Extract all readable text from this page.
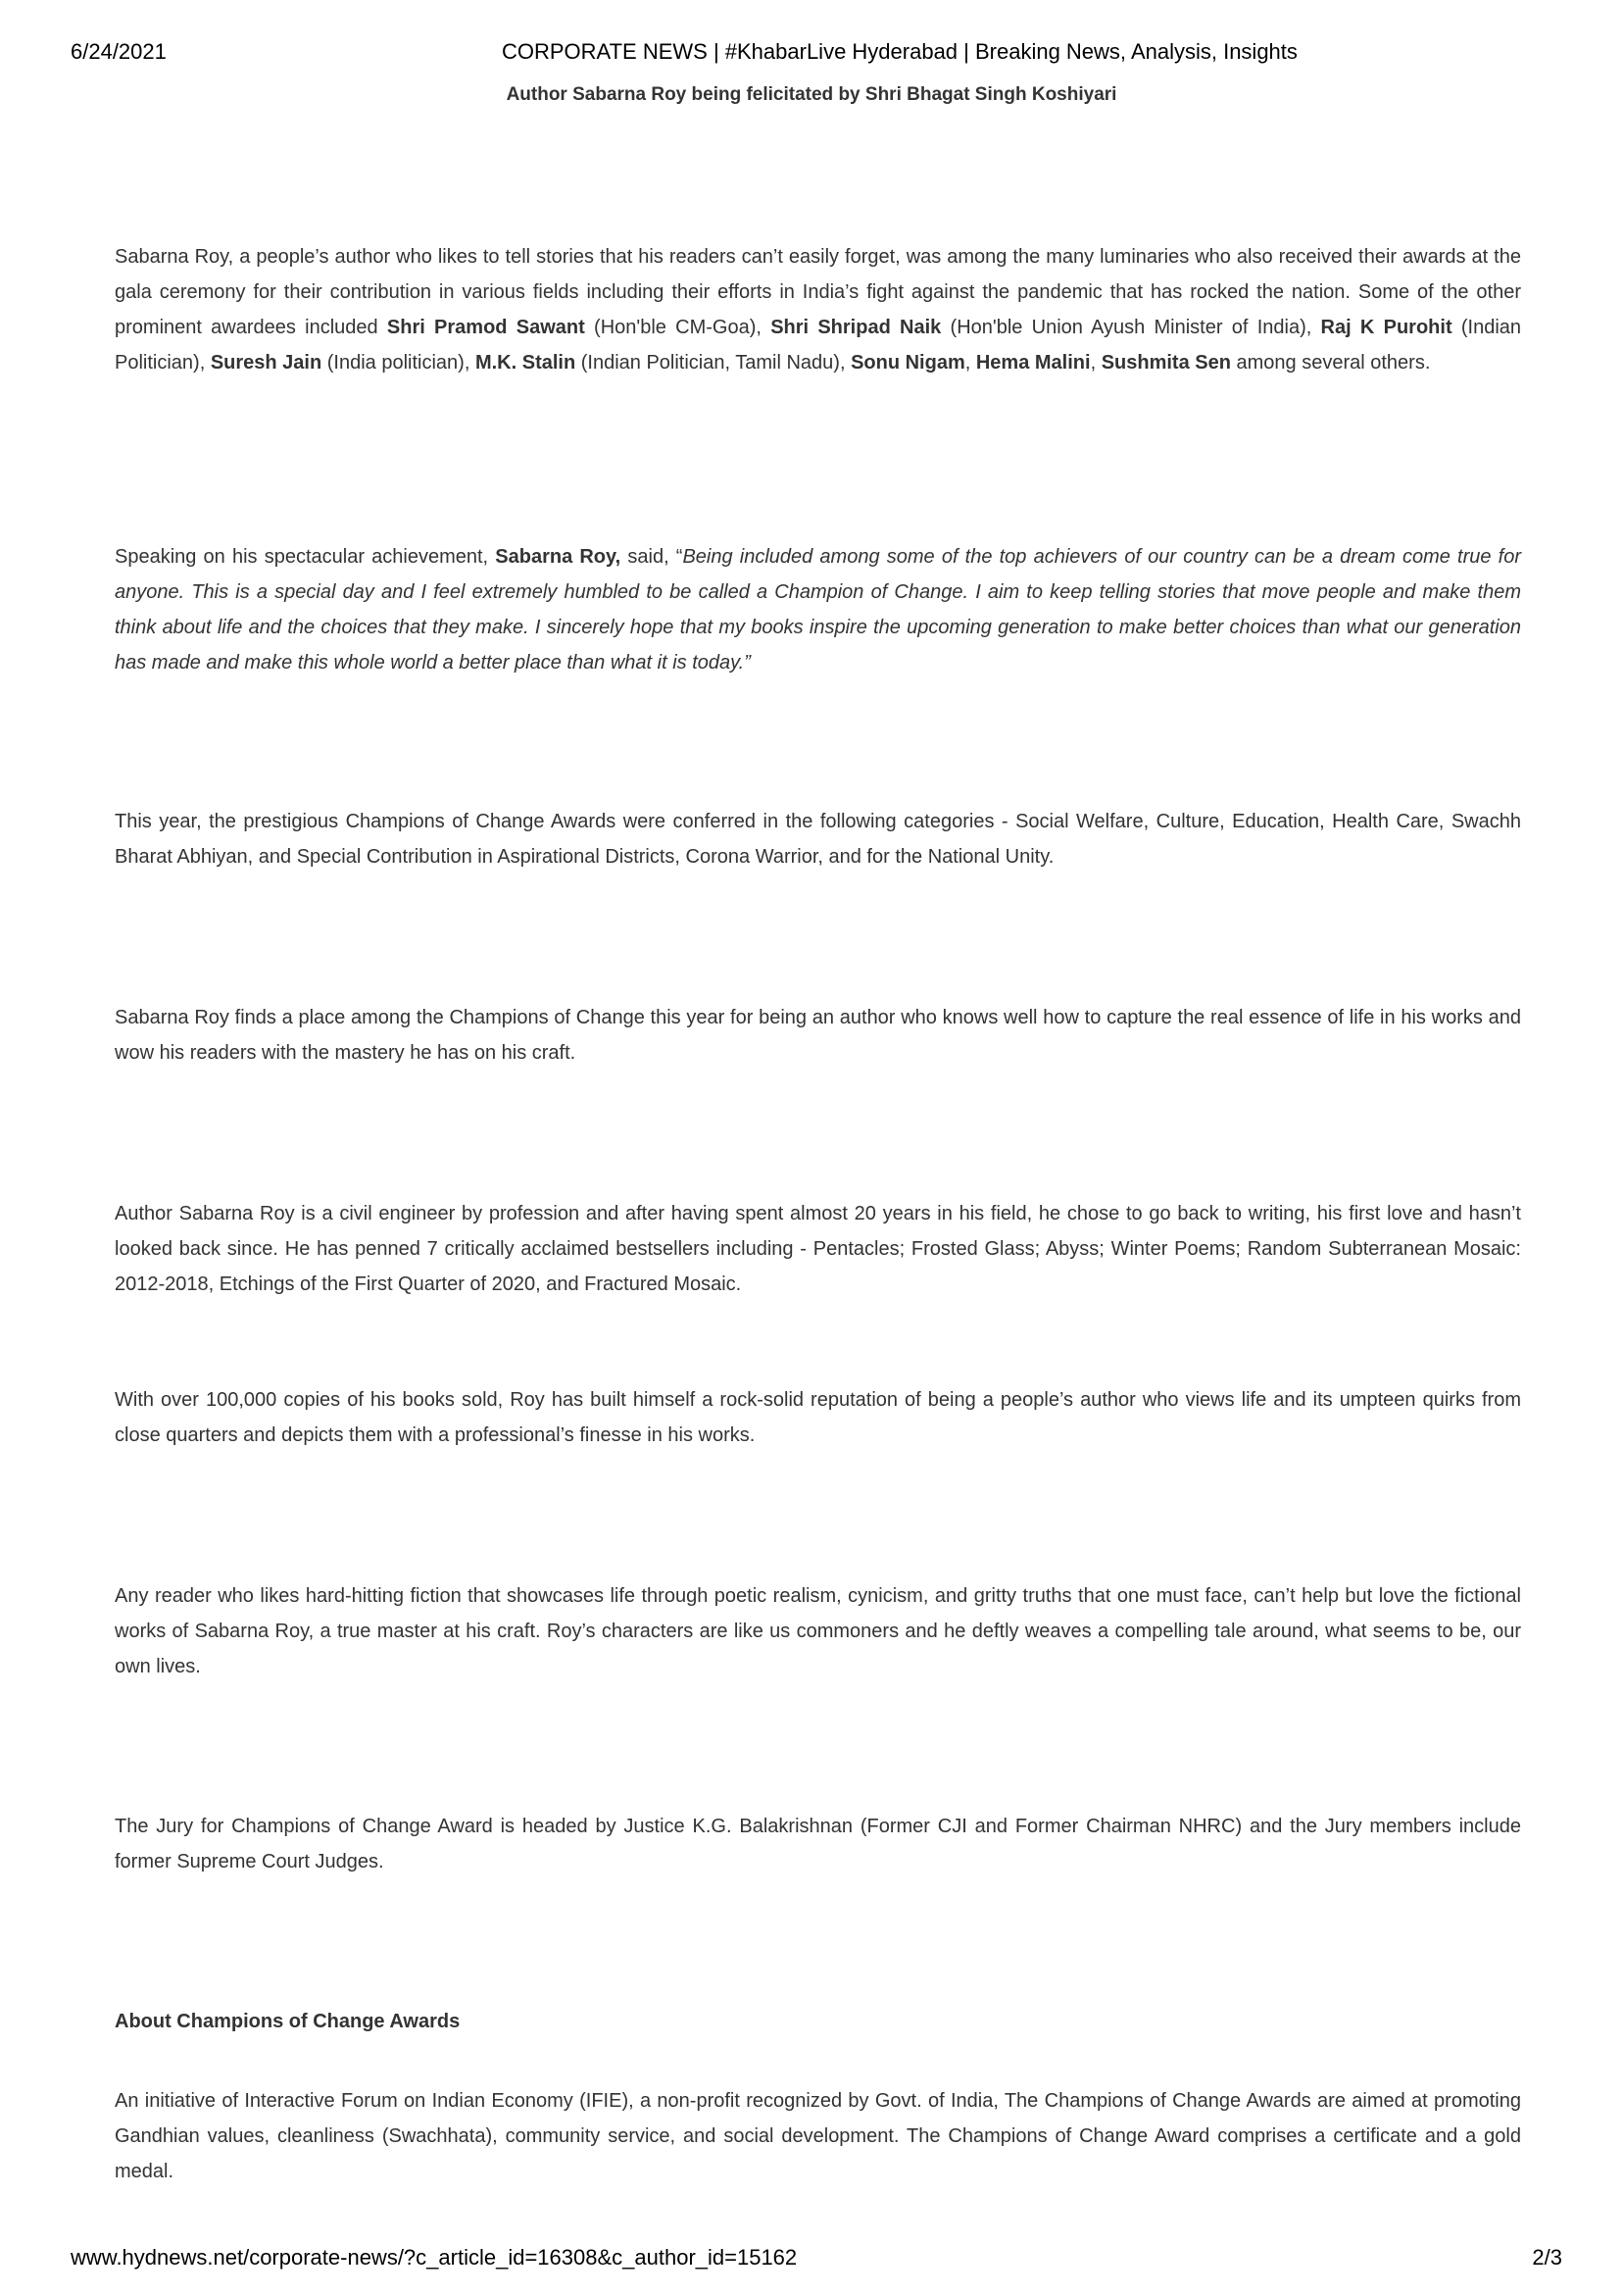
6/24/2021	CORPORATE NEWS | #KhabarLive Hyderabad | Breaking News, Analysis, Insights
Author Sabarna Roy being felicitated by Shri Bhagat Singh Koshiyari

Sabarna Roy, a people’s author who likes to tell stories that his readers can’t easily forget, was among the many luminaries who also received their awards at the gala ceremony for their contribution in various fields including their efforts in India’s fight against the pandemic that has rocked the nation. Some of the other prominent awardees included Shri Pramod Sawant (Hon'ble CM-Goa), Shri Shripad Naik (Hon'ble Union Ayush Minister of India), Raj K Purohit (Indian Politician), Suresh Jain (India politician), M.K. Stalin (Indian Politician, Tamil Nadu), Sonu Nigam, Hema Malini, Sushmita Sen among several others.

Speaking on his spectacular achievement, Sabarna Roy, said, “Being included among some of the top achievers of our country can be a dream come true for anyone. This is a special day and I feel extremely humbled to be called a Champion of Change. I aim to keep telling stories that move people and make them think about life and the choices that they make. I sincerely hope that my books inspire the upcoming generation to make better choices than what our generation has made and make this whole world a better place than what it is today.”

This year, the prestigious Champions of Change Awards were conferred in the following categories - Social Welfare, Culture, Education, Health Care, Swachh Bharat Abhiyan, and Special Contribution in Aspirational Districts, Corona Warrior, and for the National Unity.

Sabarna Roy finds a place among the Champions of Change this year for being an author who knows well how to capture the real essence of life in his works and wow his readers with the mastery he has on his craft.

Author Sabarna Roy is a civil engineer by profession and after having spent almost 20 years in his field, he chose to go back to writing, his first love and hasn’t looked back since. He has penned 7 critically acclaimed bestsellers including - Pentacles; Frosted Glass; Abyss; Winter Poems; Random Subterranean Mosaic: 2012-2018, Etchings of the First Quarter of 2020, and Fractured Mosaic.

With over 100,000 copies of his books sold, Roy has built himself a rock-solid reputation of being a people’s author who views life and its umpteen quirks from close quarters and depicts them with a professional’s finesse in his works.

Any reader who likes hard-hitting fiction that showcases life through poetic realism, cynicism, and gritty truths that one must face, can’t help but love the fictional works of Sabarna Roy, a true master at his craft. Roy’s characters are like us commoners and he deftly weaves a compelling tale around, what seems to be, our own lives.

The Jury for Champions of Change Award is headed by Justice K.G. Balakrishnan (Former CJI and Former Chairman NHRC) and the Jury members include former Supreme Court Judges.

About Champions of Change Awards

An initiative of Interactive Forum on Indian Economy (IFIE), a non-profit recognized by Govt. of India, The Champions of Change Awards are aimed at promoting Gandhian values, cleanliness (Swachhata), community service, and social development. The Champions of Change Award comprises a certificate and a gold medal.

www.hydnews.net/corporate-news/?c_article_id=16308&c_author_id=15162	2/3
